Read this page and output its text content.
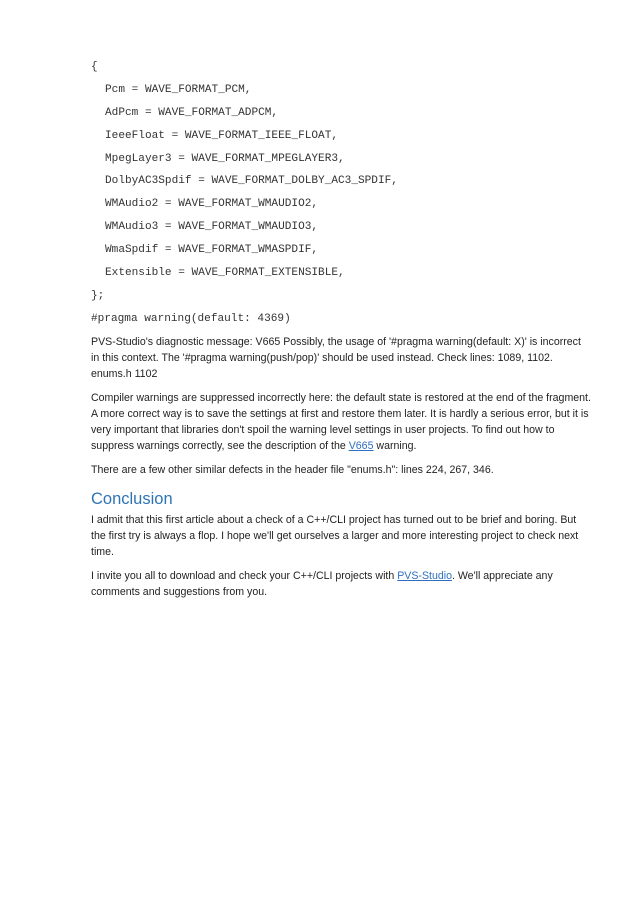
{
Pcm = WAVE_FORMAT_PCM,
AdPcm = WAVE_FORMAT_ADPCM,
IeeeFloat = WAVE_FORMAT_IEEE_FLOAT,
MpegLayer3 = WAVE_FORMAT_MPEGLAYER3,
DolbyAC3Spdif = WAVE_FORMAT_DOLBY_AC3_SPDIF,
WMAudio2 = WAVE_FORMAT_WMAUDIO2,
WMAudio3 = WAVE_FORMAT_WMAUDIO3,
WmaSpdif = WAVE_FORMAT_WMASPDIF,
Extensible = WAVE_FORMAT_EXTENSIBLE,
};
#pragma warning(default: 4369)

PVS-Studio's diagnostic message: V665 Possibly, the usage of '#pragma warning(default: X)' is incorrect in this context. The '#pragma warning(push/pop)' should be used instead. Check lines: 1089, 1102. enums.h 1102

Compiler warnings are suppressed incorrectly here: the default state is restored at the end of the fragment. A more correct way is to save the settings at first and restore them later. It is hardly a serious error, but it is very important that libraries don't spoil the warning level settings in user projects. To find out how to suppress warnings correctly, see the description of the V665 warning.

There are a few other similar defects in the header file "enums.h": lines 224, 267, 346.

Conclusion

I admit that this first article about a check of a C++/CLI project has turned out to be brief and boring. But the first try is always a flop. I hope we'll get ourselves a larger and more interesting project to check next time.

I invite you all to download and check your C++/CLI projects with PVS-Studio. We'll appreciate any comments and suggestions from you.
